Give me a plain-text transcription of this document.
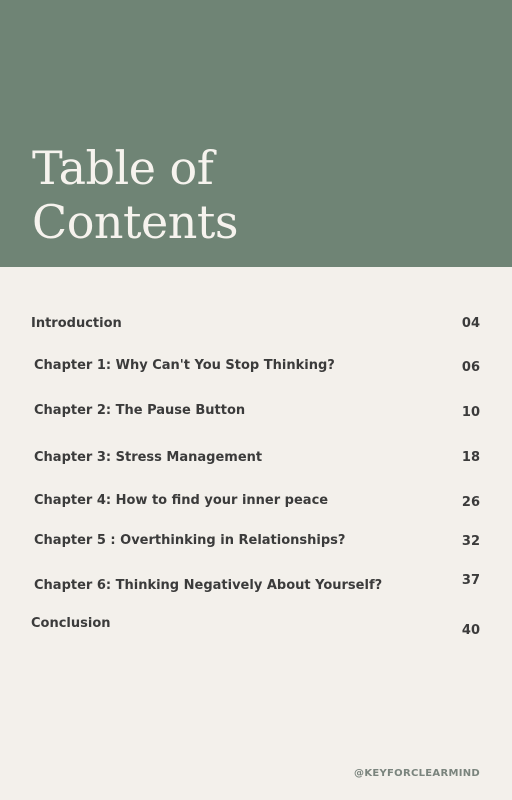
Table of
Contents
Introduction	04
Chapter 1: Why Can't You Stop Thinking?	06
Chapter 2: The Pause Button	10
Chapter 3: Stress Management	18
Chapter 4: How to find your inner peace	26
Chapter 5 : Overthinking in Relationships?	32
Chapter 6: Thinking Negatively About Yourself?	37
Conclusion	40
@KEYFORCLEARMIND
